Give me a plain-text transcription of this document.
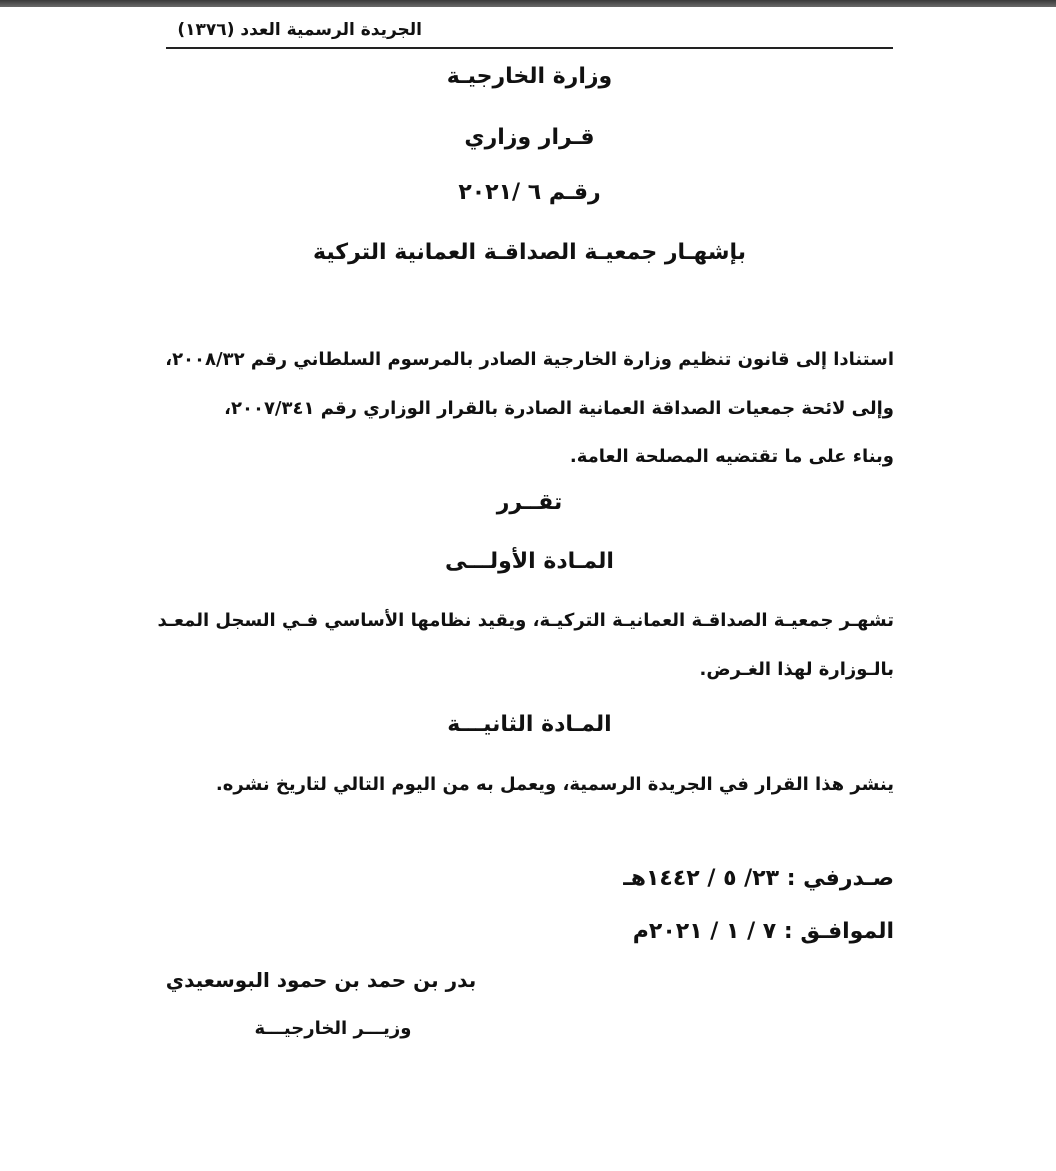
الجريدة الرسمية العدد (١٣٧٦)
وزارة الخارجيـة
قـرار وزاري
رقـم ٦ /٢٠٢١
بإشهـار جمعيـة الصداقـة العمانية التركية
استنادا إلى قانون تنظيم وزارة الخارجية الصادر بالمرسوم السلطاني رقم ٢٠٠٨/٣٢،
وإلى لائحة جمعيات الصداقة العمانية الصادرة بالقرار الوزاري رقم ٢٠٠٧/٣٤١،
وبناء على ما تقتضيه المصلحة العامة.
تقــرر
المـادة الأولـــى
تشهـر جمعيـة الصداقـة العمانيـة التركيـة، ويقيد نظامها الأساسي فـي السجل المعـد
بالـوزارة لهذا الغـرض.
المـادة الثانيـــة
ينشر هذا القرار في الجريدة الرسمية، ويعمل به من اليوم التالي لتاريخ نشره.
صـدرفي : ٢٣/ ٥ / ١٤٤٢هـ
الموافـق : ٧ / ١ / ٢٠٢١م
بدر بن حمد بن حمود البوسعيدي
وزيـــر الخارجيـــة
